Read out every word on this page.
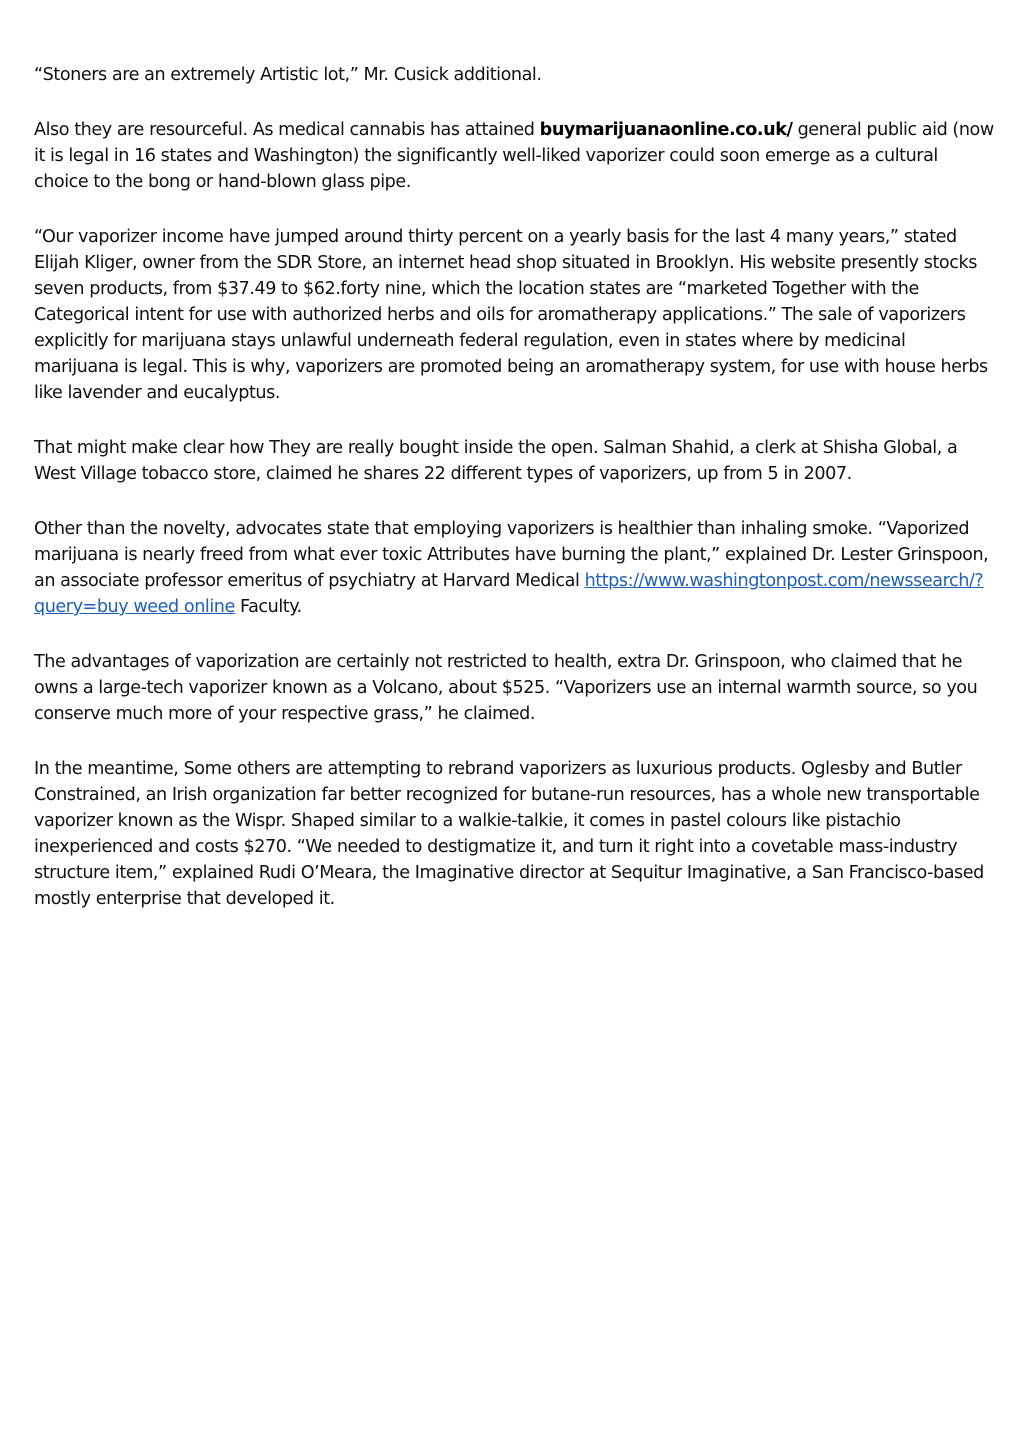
“Stoners are an extremely Artistic lot,” Mr. Cusick additional.

Also they are resourceful. As medical cannabis has attained buymarijuanaonline.co.uk/ general public aid (now it is legal in 16 states and Washington) the significantly well-liked vaporizer could soon emerge as a cultural choice to the bong or hand-blown glass pipe.

“Our vaporizer income have jumped around thirty percent on a yearly basis for the last 4 many years,” stated Elijah Kliger, owner from the SDR Store, an internet head shop situated in Brooklyn. His website presently stocks seven products, from $37.49 to $62.forty nine, which the location states are “marketed Together with the Categorical intent for use with authorized herbs and oils for aromatherapy applications.” The sale of vaporizers explicitly for marijuana stays unlawful underneath federal regulation, even in states where by medicinal marijuana is legal. This is why, vaporizers are promoted being an aromatherapy system, for use with house herbs like lavender and eucalyptus.

That might make clear how They are really bought inside the open. Salman Shahid, a clerk at Shisha Global, a West Village tobacco store, claimed he shares 22 different types of vaporizers, up from 5 in 2007.

Other than the novelty, advocates state that employing vaporizers is healthier than inhaling smoke. “Vaporized marijuana is nearly freed from what ever toxic Attributes have burning the plant,” explained Dr. Lester Grinspoon, an associate professor emeritus of psychiatry at Harvard Medical https://www.washingtonpost.com/newssearch/?query=buy weed online Faculty.

The advantages of vaporization are certainly not restricted to health, extra Dr. Grinspoon, who claimed that he owns a large-tech vaporizer known as a Volcano, about $525. “Vaporizers use an internal warmth source, so you conserve much more of your respective grass,” he claimed.

In the meantime, Some others are attempting to rebrand vaporizers as luxurious products. Oglesby and Butler Constrained, an Irish organization far better recognized for butane-run resources, has a whole new transportable vaporizer known as the Wispr. Shaped similar to a walkie-talkie, it comes in pastel colours like pistachio inexperienced and costs $270. “We needed to destigmatize it, and turn it right into a covetable mass-industry structure item,” explained Rudi O’Meara, the Imaginative director at Sequitur Imaginative, a San Francisco-based mostly enterprise that developed it.
